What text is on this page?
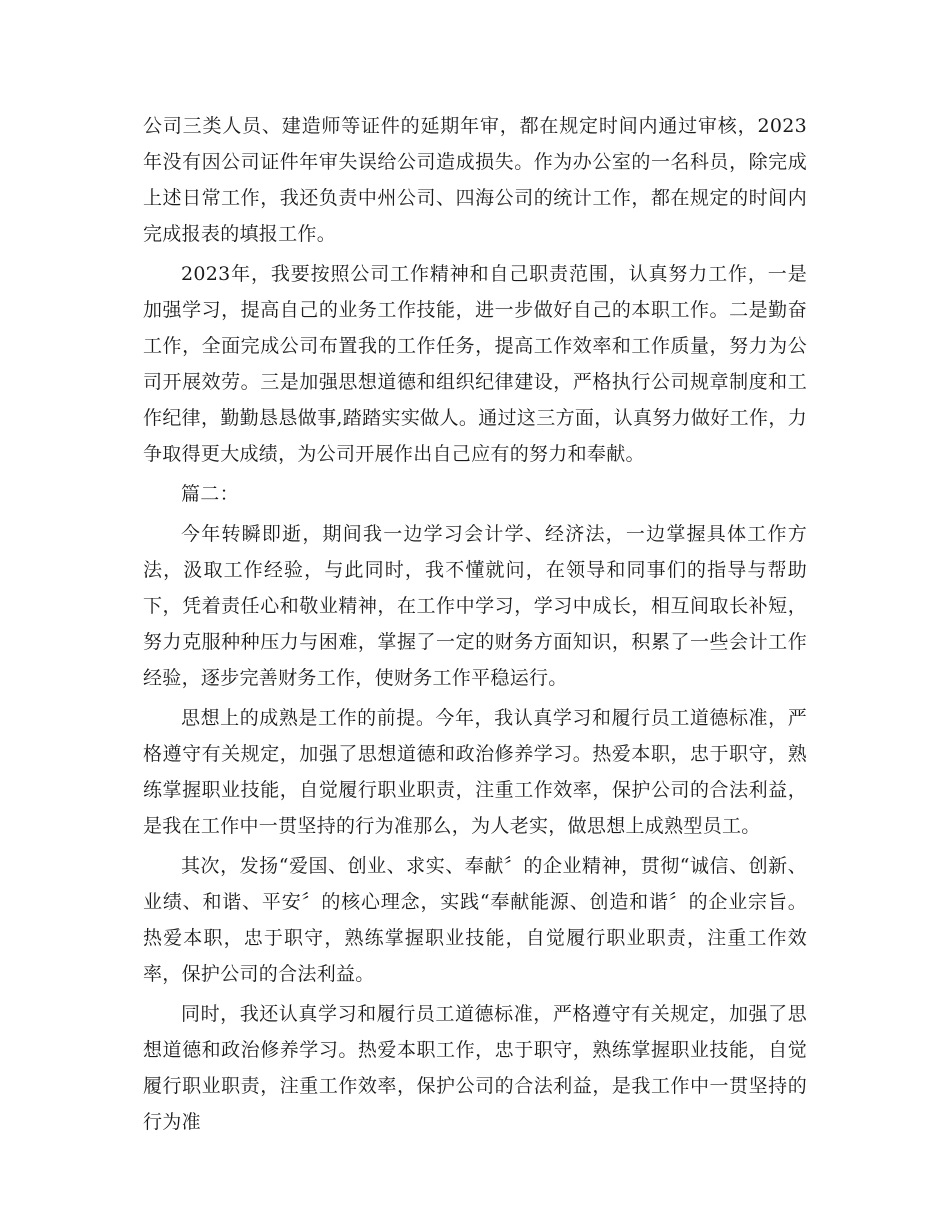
公司三类人员、建造师等证件的延期年审，都在规定时间内通过审核，2023年没有因公司证件年审失误给公司造成损失。作为办公室的一名科员，除完成上述日常工作，我还负责中州公司、四海公司的统计工作，都在规定的时间内完成报表的填报工作。

2023年，我要按照公司工作精神和自己职责范围，认真努力工作，一是加强学习，提高自己的业务工作技能，进一步做好自己的本职工作。二是勤奋工作，全面完成公司布置我的工作任务，提高工作效率和工作质量，努力为公司开展效劳。三是加强思想道德和组织纪律建设，严格执行公司规章制度和工作纪律，勤勤恳恳做事,踏踏实实做人。通过这三方面，认真努力做好工作，力争取得更大成绩，为公司开展作出自己应有的努力和奉献。

篇二：

今年转瞬即逝，期间我一边学习会计学、经济法，一边掌握具体工作方法，汲取工作经验，与此同时，我不懂就问，在领导和同事们的指导与帮助下，凭着责任心和敬业精神，在工作中学习，学习中成长，相互间取长补短，努力克服种种压力与困难，掌握了一定的财务方面知识，积累了一些会计工作经验，逐步完善财务工作，使财务工作平稳运行。

思想上的成熟是工作的前提。今年，我认真学习和履行员工道德标准，严格遵守有关规定，加强了思想道德和政治修养学习。热爱本职，忠于职守，熟练掌握职业技能，自觉履行职业职责，注重工作效率，保护公司的合法利益，是我在工作中一贯坚持的行为准那么，为人老实，做思想上成熟型员工。

其次，发扬“爱国、创业、求实、奉献〞的企业精神，贯彻“诚信、创新、业绩、和谐、平安〞的核心理念，实践“奉献能源、创造和谐〞的企业宗旨。热爱本职，忠于职守，熟练掌握职业技能，自觉履行职业职责，注重工作效率，保护公司的合法利益。

同时，我还认真学习和履行员工道德标准，严格遵守有关规定，加强了思想道德和政治修养学习。热爱本职工作，忠于职守，熟练掌握职业技能，自觉履行职业职责，注重工作效率，保护公司的合法利益，是我工作中一贯坚持的行为准
